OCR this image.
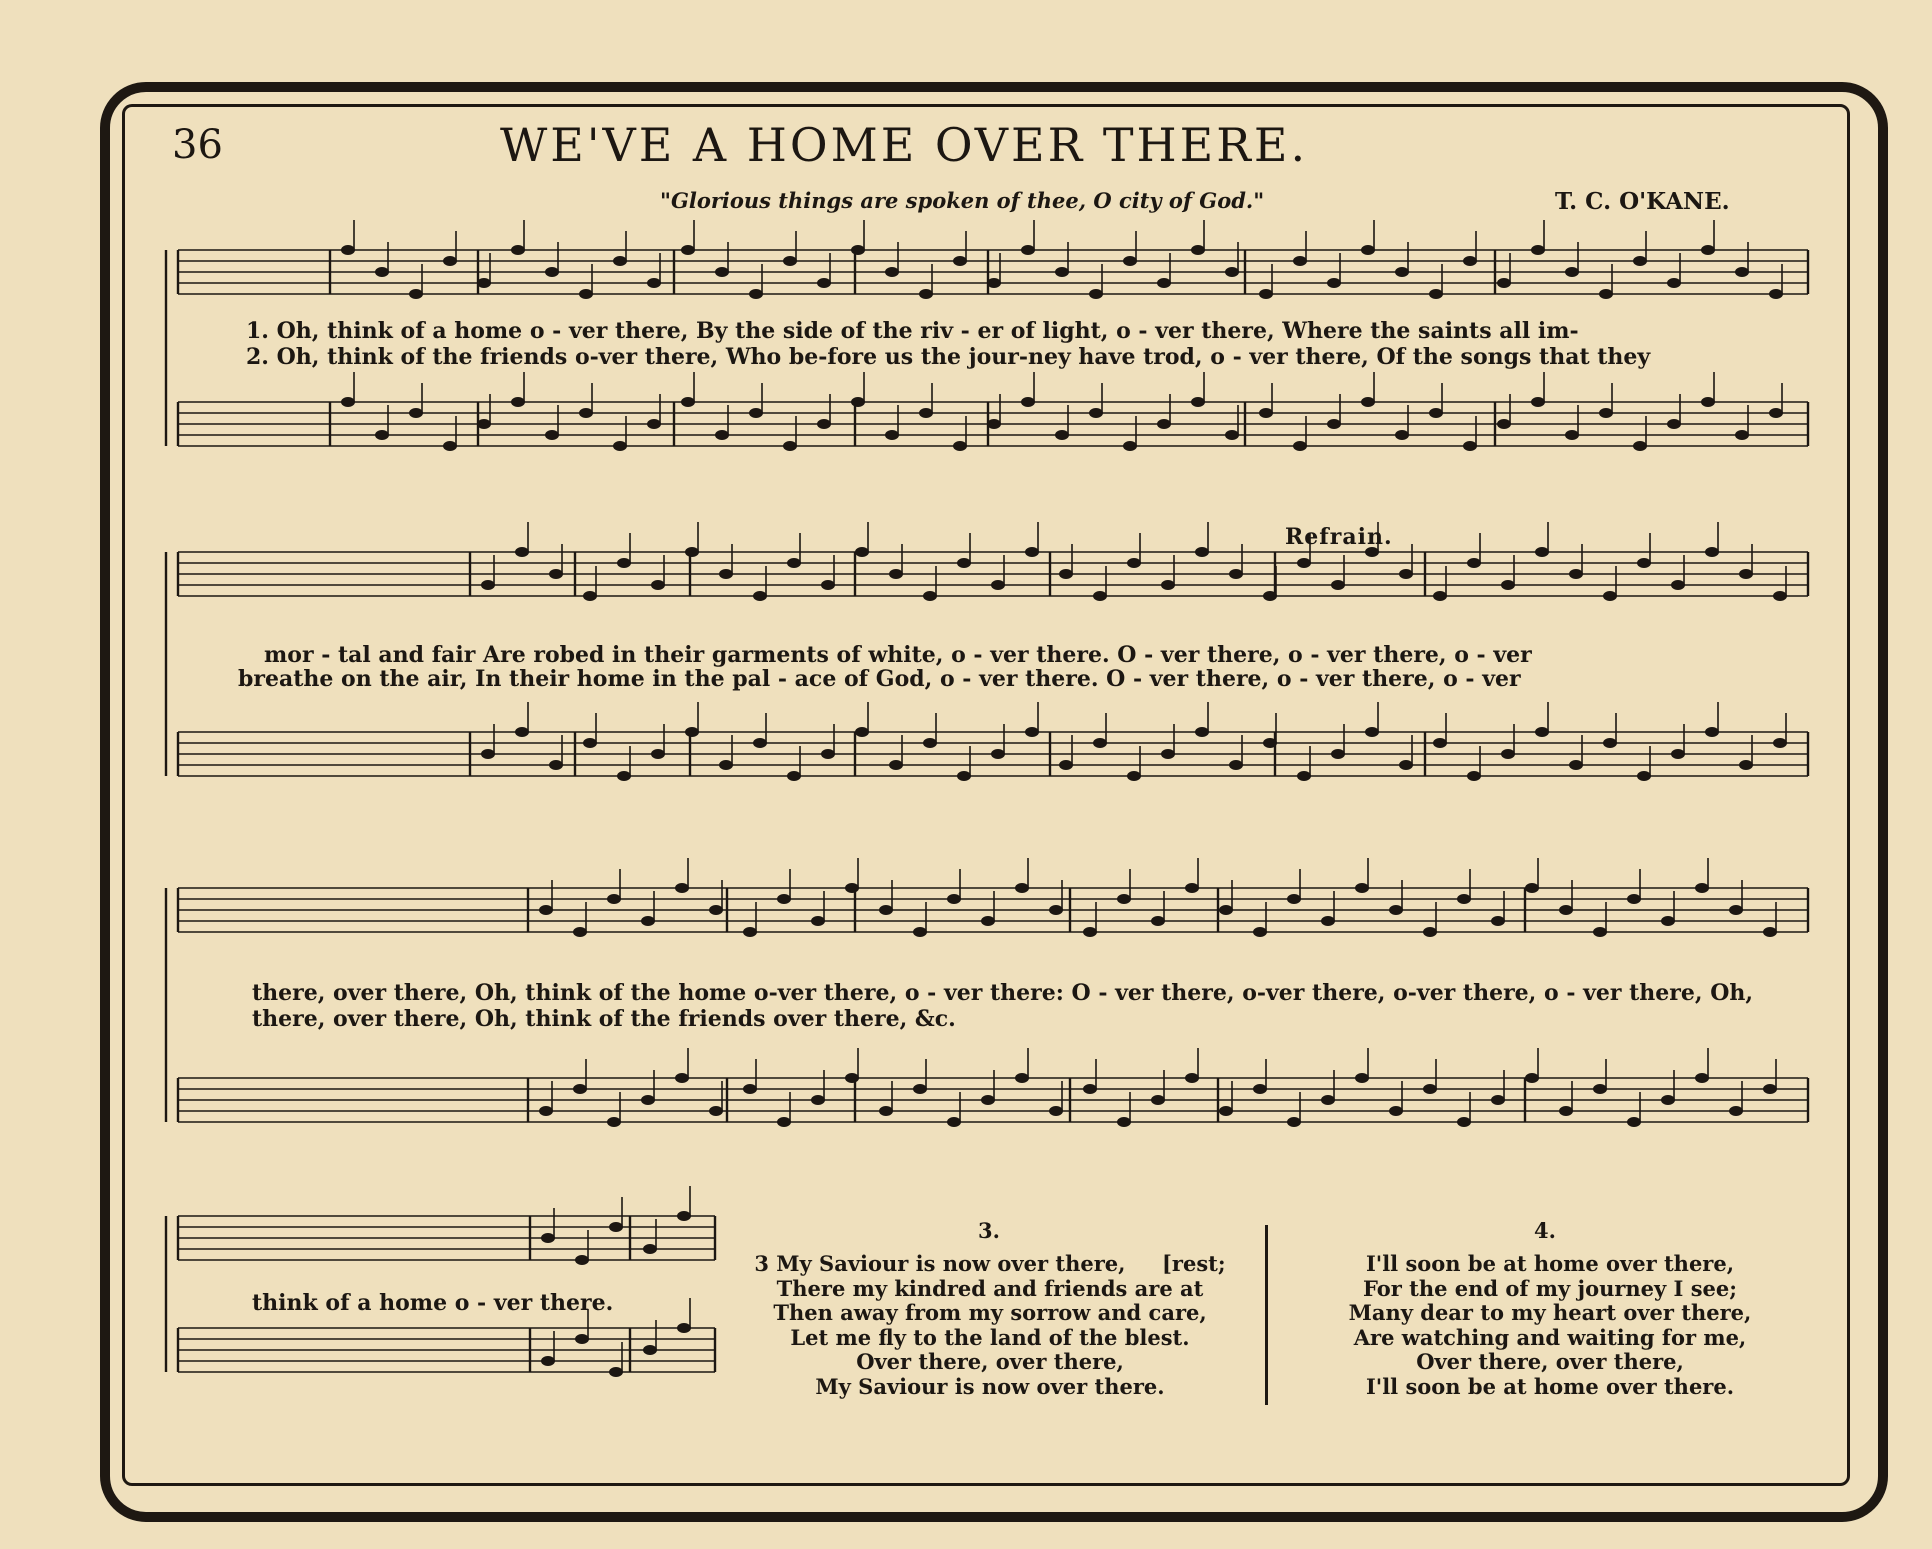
36	WE'VE A HOME OVER THERE.
"Glorious things are spoken of thee, O city of God."	T. C. O'KANE.
1. Oh, think of a home o - ver there, By the side of the riv - er of light, o - ver there, Where the saints all im-
2. Oh, think of the friends o-ver there, Who be-fore us the jour-ney have trod, o - ver there, Of the songs that they
Refrain.
mor - tal and fair Are robed in their garments of white, o - ver there. O - ver there, o - ver there, o - ver
breathe on the air, In their home in the pal - ace of God, o - ver there. O - ver there, o - ver there, o - ver
there, over there, Oh, think of the home o-ver there, o - ver there: O - ver there, o-ver there, o-ver there, o - ver there, Oh,
there, over there, Oh, think of the friends over there, &c.
think of a home o - ver there.
3.
3 My Saviour is now over there,     [rest;
There my kindred and friends are at
Then away from my sorrow and care,
Let me fly to the land of the blest.
Over there, over there,
My Saviour is now over there.
4.
I'll soon be at home over there,
For the end of my journey I see;
Many dear to my heart over there,
Are watching and waiting for me,
Over there, over there,
I'll soon be at home over there.
